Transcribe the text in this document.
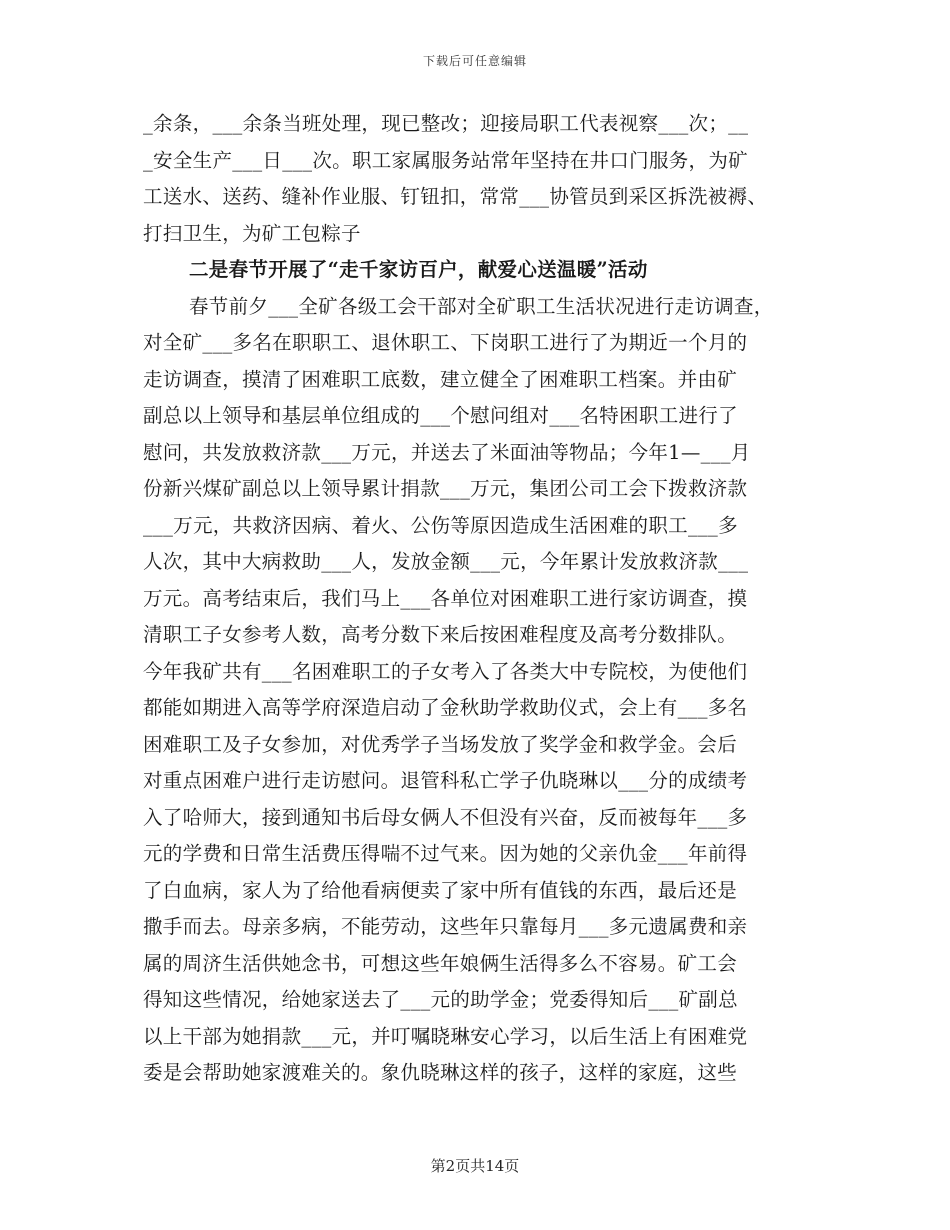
下载后可任意编辑
_余条，___余条当班处理，现已整改；迎接局职工代表视察___次；__
_安全生产___日___次。职工家属服务站常年坚持在井口门服务，为矿
工送水、送药、缝补作业服、钉钮扣，常常___协管员到采区拆洗被褥、
打扫卫生，为矿工包粽子
二是春节开展了“走千家访百户，献爱心送温暖”活动
春节前夕___全矿各级工会干部对全矿职工生活状况进行走访调查，
对全矿___多名在职职工、退休职工、下岗职工进行了为期近一个月的
走访调查，摸清了困难职工底数，建立健全了困难职工档案。并由矿
副总以上领导和基层单位组成的___个慰问组对___名特困职工进行了
慰问，共发放救济款___万元，并送去了米面油等物品；今年1—___月
份新兴煤矿副总以上领导累计捐款___万元，集团公司工会下拨救济款
___万元，共救济因病、着火、公伤等原因造成生活困难的职工___多
人次，其中大病救助___人，发放金额___元，今年累计发放救济款___
万元。高考结束后，我们马上___各单位对困难职工进行家访调查，摸
清职工子女参考人数，高考分数下来后按困难程度及高考分数排队。
今年我矿共有___名困难职工的子女考入了各类大中专院校，为使他们
都能如期进入高等学府深造启动了金秋助学救助仪式，会上有___多名
困难职工及子女参加，对优秀学子当场发放了奖学金和救学金。会后
对重点困难户进行走访慰问。退管科私亡学子仇晓琳以___分的成绩考
入了哈师大，接到通知书后母女俩人不但没有兴奋，反而被每年___多
元的学费和日常生活费压得喘不过气来。因为她的父亲仇金___年前得
了白血病，家人为了给他看病便卖了家中所有值钱的东西，最后还是
撒手而去。母亲多病，不能劳动，这些年只靠每月___多元遗属费和亲
属的周济生活供她念书，可想这些年娘俩生活得多么不容易。矿工会
得知这些情况，给她家送去了___元的助学金；党委得知后___矿副总
以上干部为她捐款___元，并叮嘱晓琳安心学习，以后生活上有困难党
委是会帮助她家渡难关的。象仇晓琳这样的孩子，这样的家庭，这些
第2页共14页
